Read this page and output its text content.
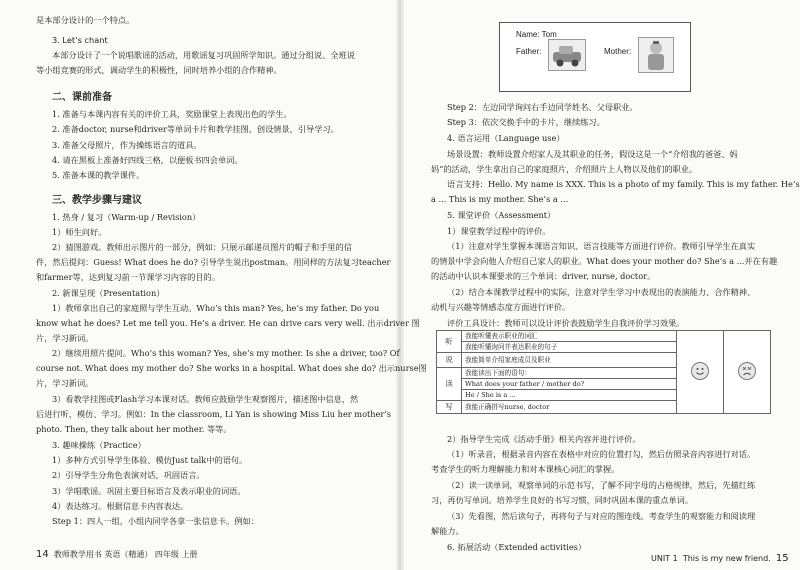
是本部分设计的一个特点。
3. Let’s chant
本部分设计了一个说唱歌谣的活动，用歌谣复习巩固所学知识。通过分组说、全班说
等小组竞赛的形式，调动学生的积极性，同时培养小组的合作精神。
二、课前准备
1. 准备与本课内容有关的评价工具，奖励课堂上表现出色的学生。
2. 准备doctor, nurse和driver等单词卡片和教学挂图，创设情景，引导学习。
3. 准备父母照片，作为操练语言的道具。
4. 请在黑板上准备好四线三格，以便板书四会单词。
5. 准备本课的教学课件。
三、教学步骤与建议
1. 热身 / 复习（Warm-up / Revision）
1）师生问好。
2）猜图游戏。教师出示图片的一部分，例如：只展示邮递员图片的帽子和手里的信
件，然后提问：Guess! What does he do? 引导学生说出postman。用同样的方法复习teacher
和farmer等，达到复习前一节课学习内容的目的。
2. 新课呈现（Presentation）
1）教师拿出自己的家庭照与学生互动。Who’s this man? Yes, he’s my father. Do you
know what he does? Let me tell you. He’s a driver. He can drive cars very well. 出示driver 图
片，学习新词。
2）继续用照片提问。Who’s this woman? Yes, she’s my mother. Is she a driver, too? Of
course not. What does my mother do? She works in a hospital. What does she do? 出示nurse图
片，学习新词。
3）看教学挂图或Flash学习本课对话。教师应鼓励学生观察图片，描述图中信息，然
后进行听、模仿、学习。例如：In the classroom, Li Yan is showing Miss Liu her mother’s
photo. Then, they talk about her mother. 等等。
3. 趣味操练（Practice）
1）多种方式引导学生体验、模仿Just talk中的语句。
2）引导学生分角色表演对话，巩固语言。
3）学唱歌谣。巩固主要目标语言及表示职业的词语。
4）表达练习。根据信息卡内容表达。
Step 1：四人一组，小组内同学各拿一张信息卡。例如：
14 教师教学用书 英语（精通） 四年级 上册
Name: Tom
Father:	Mother:
Step 2：左边同学询问右手边同学姓名、父母职业。
Step 3：依次交换手中的卡片，继续练习。
4. 语言运用（Language use）
场景设置：教师设置介绍家人及其职业的任务，假设这是一个“介绍我的爸爸、妈
妈”的活动，学生拿出自己的家庭照片，介绍照片上人物以及他们的职业。
语言支持：Hello. My name is XXX. This is a photo of my family. This is my father. He’s
a ... This is my mother. She’s a ...
5. 课堂评价（Assessment）
1）课堂教学过程中的评价。
（1）注意对学生掌握本课语言知识、语言技能等方面进行评价。教师引导学生在真实
的情景中学会向他人介绍自己家人的职业。What does your mother do? She’s a ...并在有趣
的活动中认识本课要求的三个单词：driver, nurse, doctor。
（2）结合本课教学过程中的实际，注意对学生学习中表现出的表演能力、合作精神、
动机与兴趣等情感态度方面进行评价。
评价工具设计：教师可以设计评价表鼓励学生自我评价学习效果。
听	我能听懂表示职业的词汇		
	我能听懂询问并表达职业的句子		
说	我能简单介绍家庭成员及职业		
读	我能读出下面的语句：		
	What does your father / mother do?		
	He / She is a ...		
写	我能正确拼写nurse, doctor		
2）指导学生完成《活动手册》相关内容并进行评价。
（1）听录音，根据录音内容在表格中对应的位置打勾，然后仿照录音内容进行对话。
考查学生的听力理解能力和对本课核心词汇的掌握。
（2）读一读单词，观察单词的示范书写，了解不同字母的占格规律，然后，先描红练
习，再仿写单词。培养学生良好的书写习惯，同时巩固本课的重点单词。
（3）先看图，然后读句子，再将句子与对应的图连线。考查学生的观察能力和阅读理
解能力。
6. 拓展活动（Extended activities）
UNIT 1 This is my new friend. 15
